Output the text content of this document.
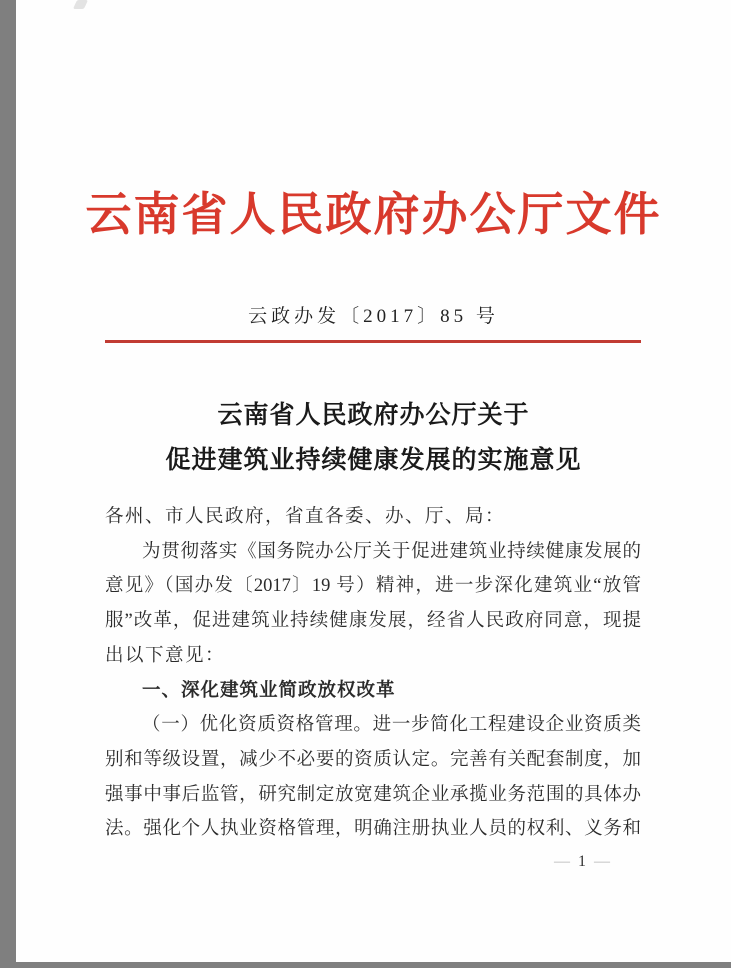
云南省人民政府办公厅文件
云政办发〔2017〕85 号
云南省人民政府办公厅关于
促进建筑业持续健康发展的实施意见
各州、市人民政府，省直各委、办、厅、局：
为贯彻落实《国务院办公厅关于促进建筑业持续健康发展的
意见》（国办发〔2017〕19 号）精神，进一步深化建筑业“放管
服”改革，促进建筑业持续健康发展，经省人民政府同意，现提
出以下意见：
一、深化建筑业简政放权改革
（一）优化资质资格管理。进一步简化工程建设企业资质类
别和等级设置，减少不必要的资质认定。完善有关配套制度，加
强事中事后监管，研究制定放宽建筑企业承揽业务范围的具体办
法。强化个人执业资格管理，明确注册执业人员的权利、义务和
— 1 —
